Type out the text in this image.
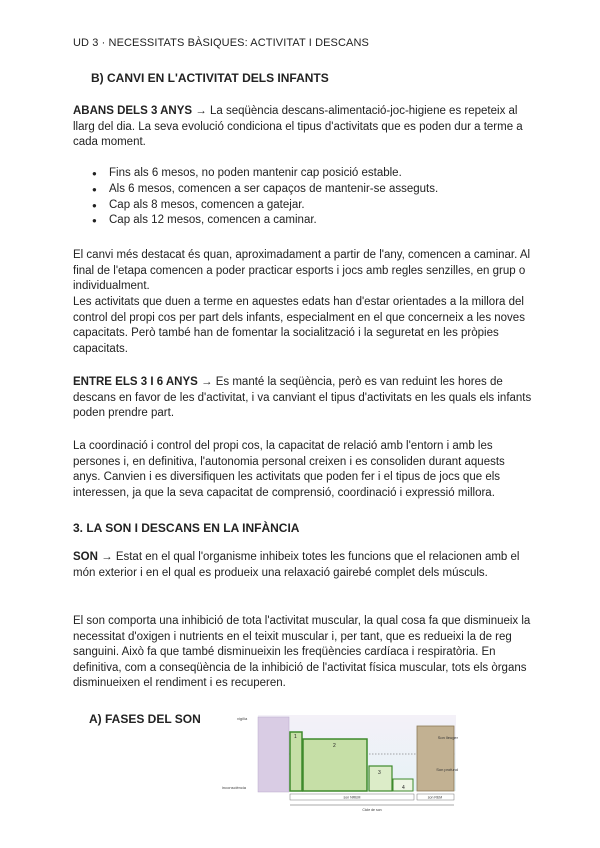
UD 3 · NECESSITATS BÀSIQUES: ACTIVITAT I DESCANS
B) CANVI EN L'ACTIVITAT DELS INFANTS
ABANS DELS 3 ANYS → La seqüència descans-alimentació-joc-higiene es repeteix al llarg del dia. La seva evolució condiciona el tipus d'activitats que es poden dur a terme a cada moment.
● Fins als 6 mesos, no poden mantenir cap posició estable.
● Als 6 mesos, comencen a ser capaços de mantenir-se asseguts.
● Cap als 8 mesos, comencen a gatejar.
● Cap als 12 mesos, comencen a caminar.
El canvi més destacat és quan, aproximadament a partir de l'any, comencen a caminar. Al final de l'etapa comencen a poder practicar esports i jocs amb regles senzilles, en grup o individualment.
Les activitats que duen a terme en aquestes edats han d'estar orientades a la millora del control del propi cos per part dels infants, especialment en el que concerneix a les noves capacitats. Però també han de fomentar la socialització i la seguretat en les pròpies capacitats.
ENTRE ELS 3 I 6 ANYS → Es manté la seqüència, però es van reduint les hores de descans en favor de les d'activitat, i va canviant el tipus d'activitats en les quals els infants poden prendre part.
La coordinació i control del propi cos, la capacitat de relació amb l'entorn i amb les persones i, en definitiva, l'autonomia personal creixen i es consoliden durant aquests anys. Canvien i es diversifiquen les activitats que poden fer i el tipus de jocs que els interessen, ja que la seva capacitat de comprensió, coordinació i expressió millora.
3. LA SON I DESCANS EN LA INFÀNCIA
SON → Estat en el qual l'organisme inhibeix totes les funcions que el relacionen amb el món exterior i en el qual es produeix una relaxació gairebé complet dels músculs.
El son comporta una inhibició de tota l'activitat muscular, la qual cosa fa que disminueix la necessitat d'oxigen i nutrients en el teixit muscular i, per tant, que es redueixi la de reg sanguini. Això fa que també disminueixin les freqüències cardíaca i respiratòria. En definitiva, com a conseqüència de la inhibició de l'activitat física muscular, tots els òrgans disminueixen el rendiment i es recuperen.
A) FASES DEL SON	vigília
inconsciència
1
2
3
4
Son lleuger
Son profund
son NREM	son REM
Cicle de son
